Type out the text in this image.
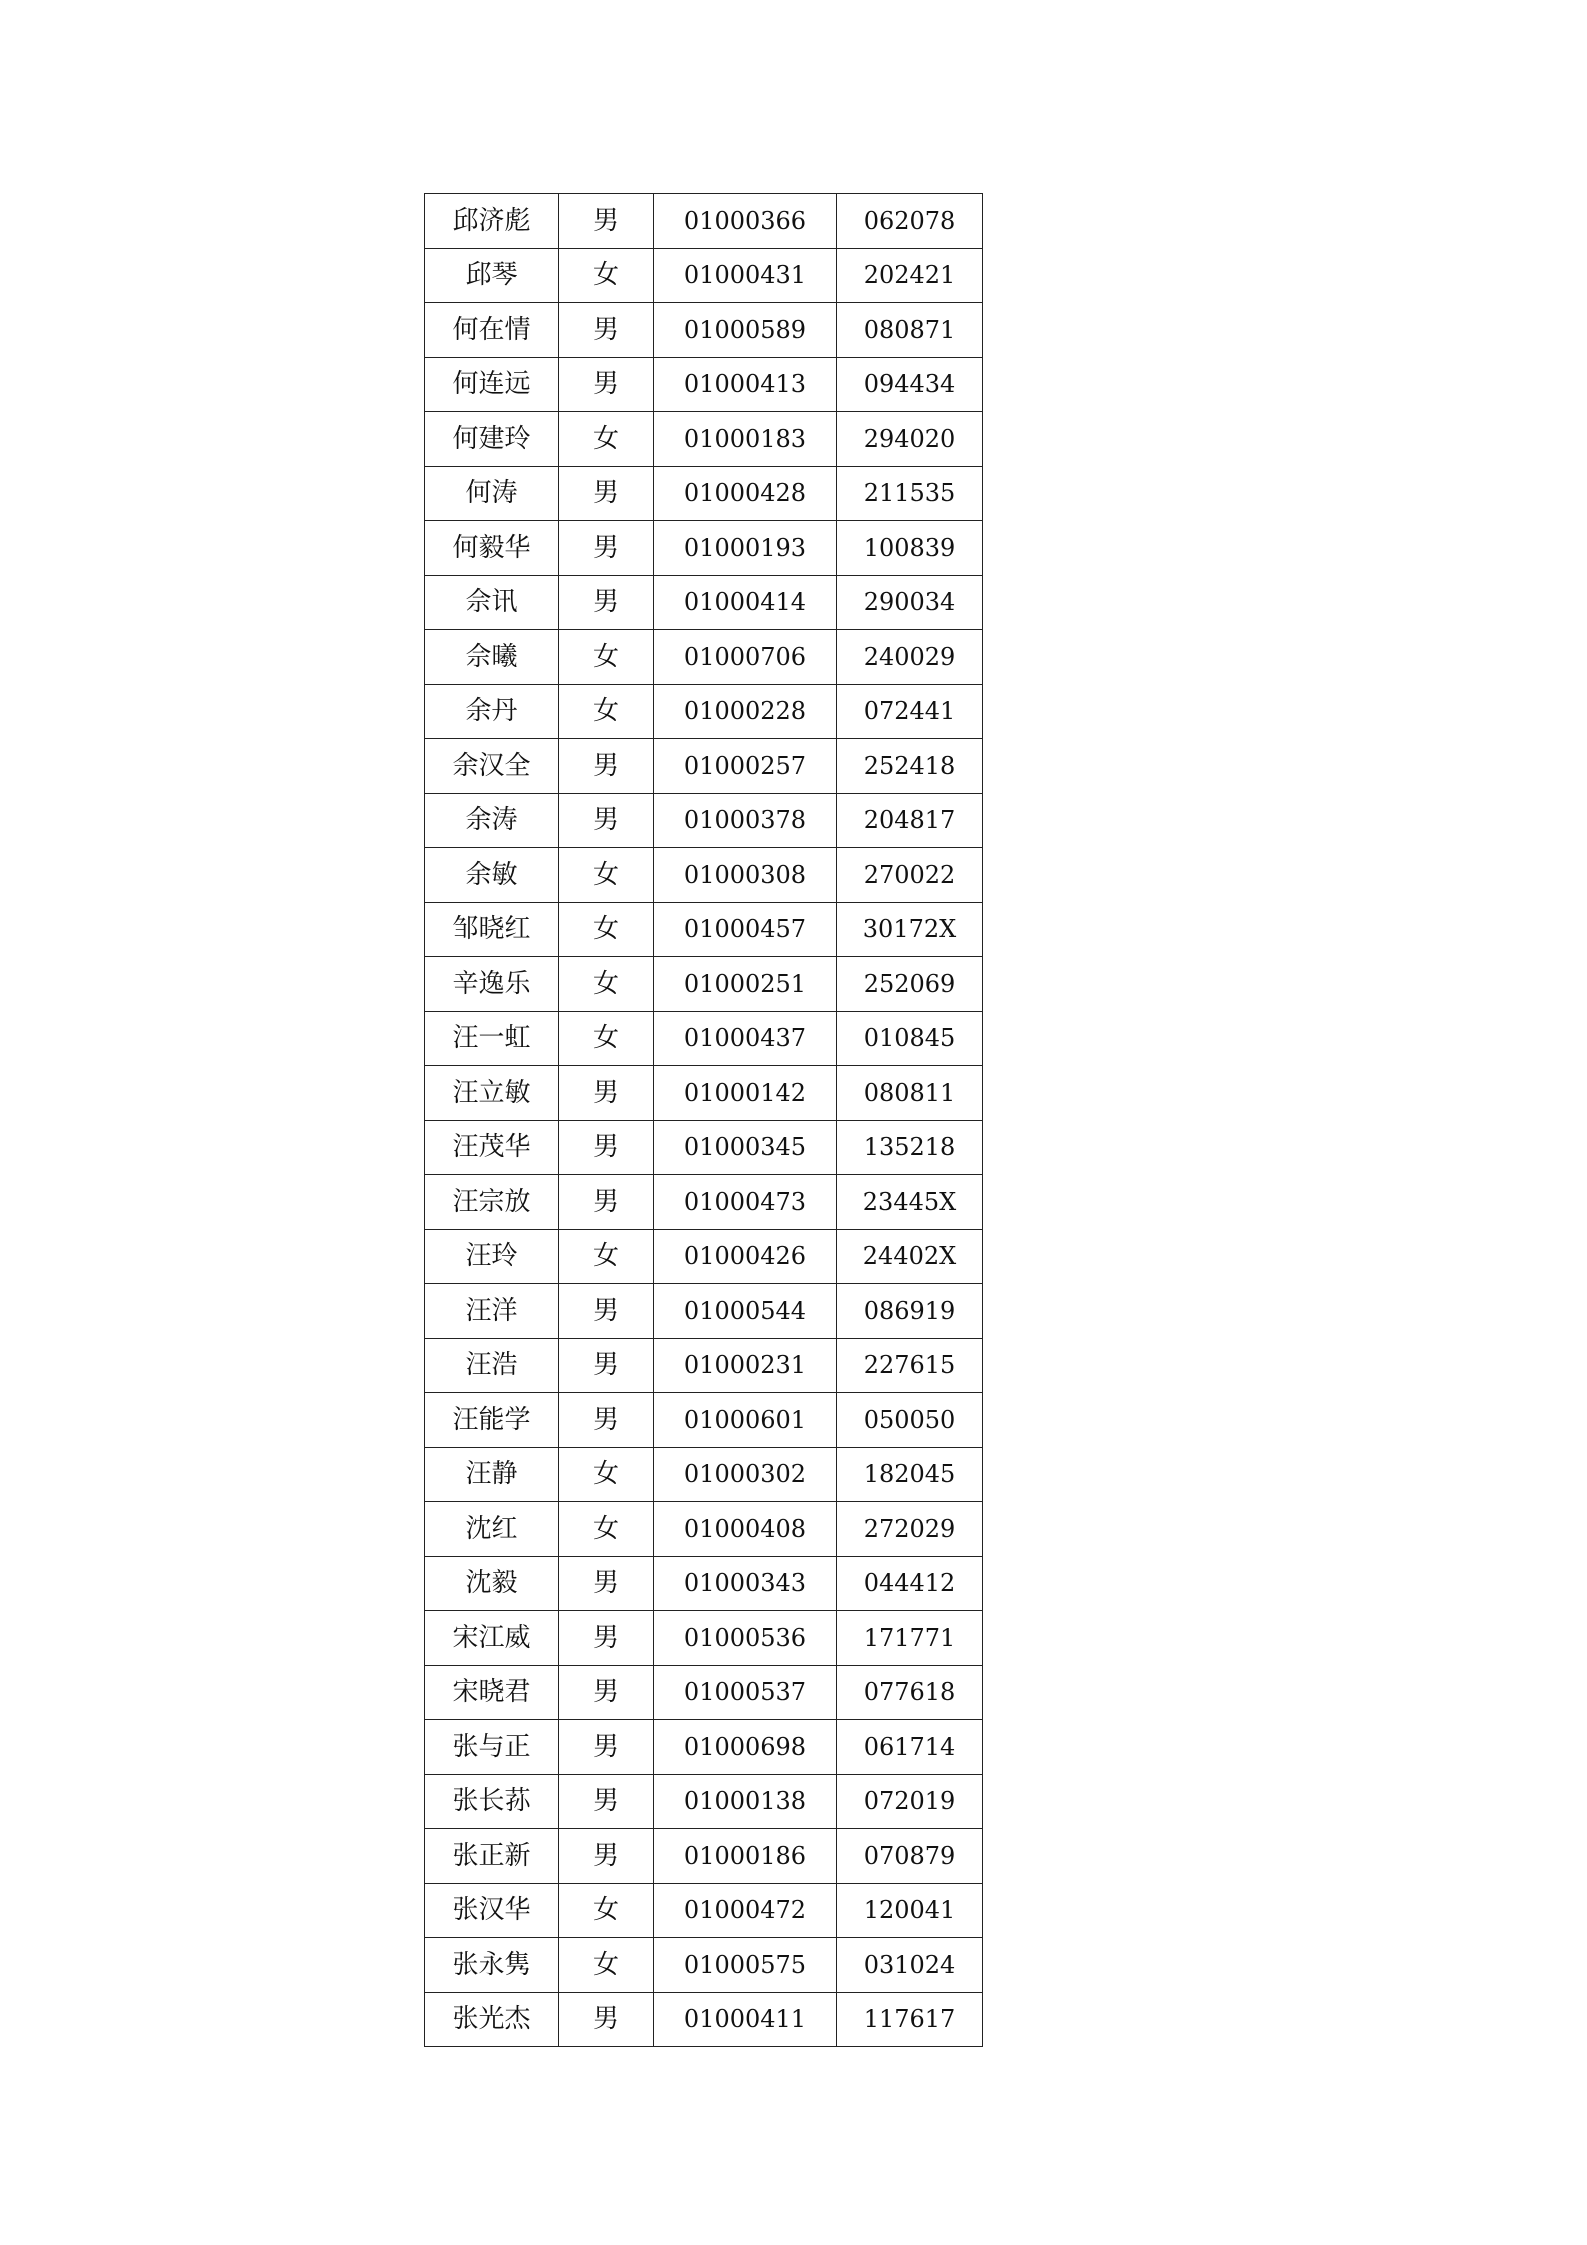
邱济彪	男	01000366	062078
邱琴	女	01000431	202421
何在情	男	01000589	080871
何连远	男	01000413	094434
何建玲	女	01000183	294020
何涛	男	01000428	211535
何毅华	男	01000193	100839
佘讯	男	01000414	290034
佘曦	女	01000706	240029
余丹	女	01000228	072441
余汉全	男	01000257	252418
余涛	男	01000378	204817
余敏	女	01000308	270022
邹晓红	女	01000457	30172X
辛逸乐	女	01000251	252069
汪一虹	女	01000437	010845
汪立敏	男	01000142	080811
汪茂华	男	01000345	135218
汪宗放	男	01000473	23445X
汪玲	女	01000426	24402X
汪洋	男	01000544	086919
汪浩	男	01000231	227615
汪能学	男	01000601	050050
汪静	女	01000302	182045
沈红	女	01000408	272029
沈毅	男	01000343	044412
宋江威	男	01000536	171771
宋晓君	男	01000537	077618
张与正	男	01000698	061714
张长荪	男	01000138	072019
张正新	男	01000186	070879
张汉华	女	01000472	120041
张永隽	女	01000575	031024
张光杰	男	01000411	117617
